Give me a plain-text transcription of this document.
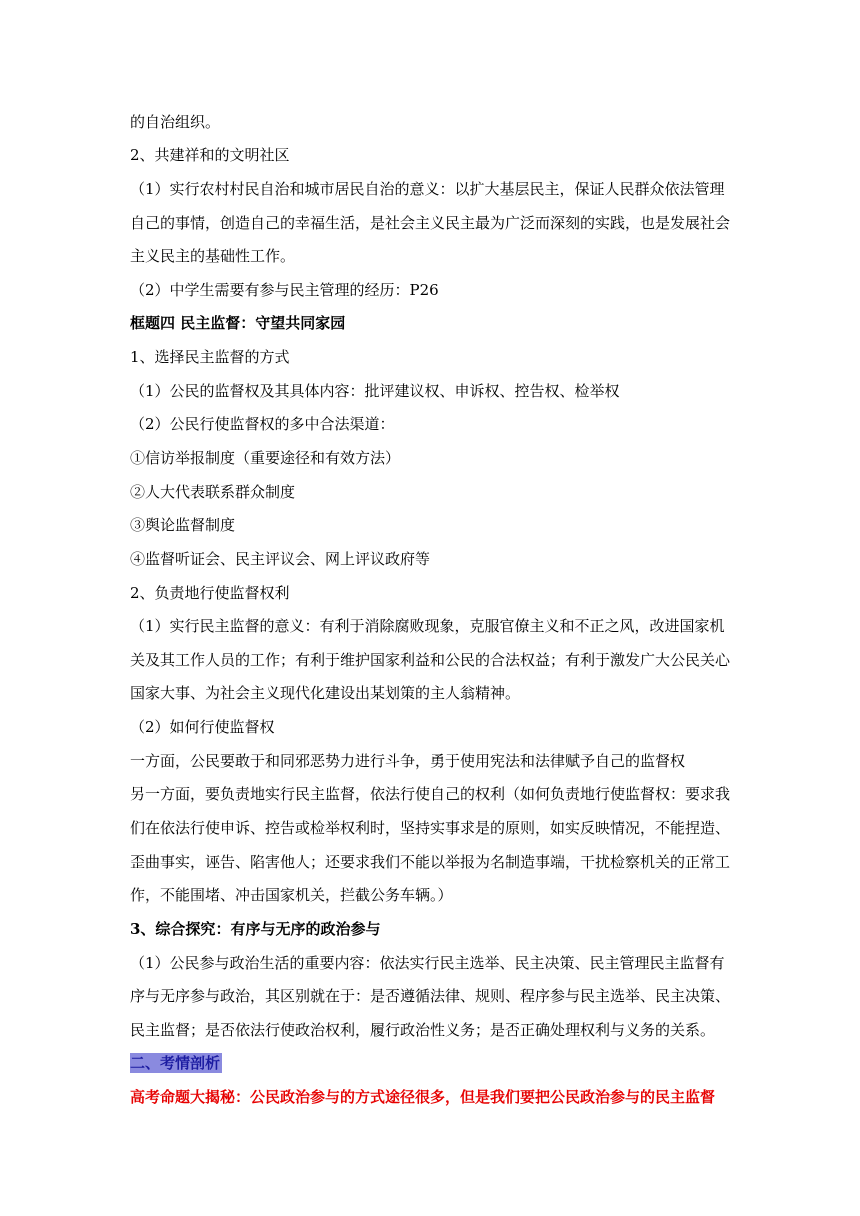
的自治组织。
2、共建祥和的文明社区
（1）实行农村村民自治和城市居民自治的意义：以扩大基层民主，保证人民群众依法管理
自己的事情，创造自己的幸福生活，是社会主义民主最为广泛而深刻的实践，也是发展社会
主义民主的基础性工作。
（2）中学生需要有参与民主管理的经历：P26
框题四 民主监督：守望共同家园
1、选择民主监督的方式
（1）公民的监督权及其具体内容：批评建议权、申诉权、控告权、检举权
（2）公民行使监督权的多中合法渠道：
①信访举报制度（重要途径和有效方法）
②人大代表联系群众制度
③舆论监督制度
④监督听证会、民主评议会、网上评议政府等
2、负责地行使监督权利
（1）实行民主监督的意义：有利于消除腐败现象，克服官僚主义和不正之风，改进国家机
关及其工作人员的工作；有利于维护国家利益和公民的合法权益；有利于激发广大公民关心
国家大事、为社会主义现代化建设出某划策的主人翁精神。
（2）如何行使监督权
一方面，公民要敢于和同邪恶势力进行斗争，勇于使用宪法和法律赋予自己的监督权
另一方面，要负责地实行民主监督，依法行使自己的权利（如何负责地行使监督权：要求我
们在依法行使申诉、控告或检举权利时，坚持实事求是的原则，如实反映情况，不能捏造、
歪曲事实，诬告、陷害他人；还要求我们不能以举报为名制造事端，干扰检察机关的正常工
作，不能围堵、冲击国家机关，拦截公务车辆。）
3、综合探究：有序与无序的政治参与
（1）公民参与政治生活的重要内容：依法实行民主选举、民主决策、民主管理民主监督有
序与无序参与政治，其区别就在于：是否遵循法律、规则、程序参与民主选举、民主决策、
民主监督；是否依法行使政治权利，履行政治性义务；是否正确处理权利与义务的关系。
二、考情剖析
高考命题大揭秘：公民政治参与的方式途径很多，但是我们要把公民政治参与的民主监督
